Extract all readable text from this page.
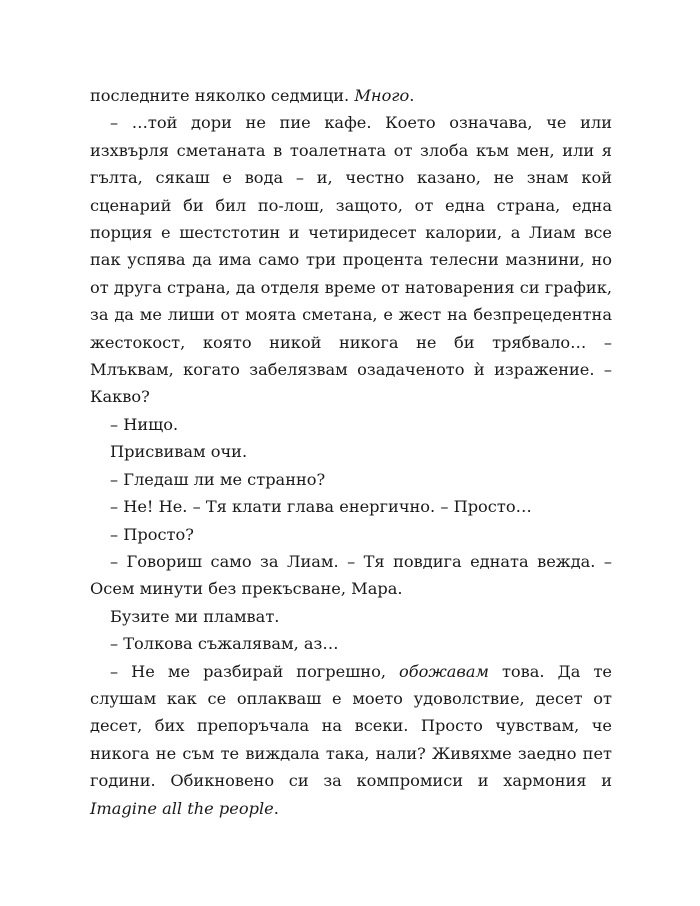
последните няколко седмици. Много.

– …той дори не пие кафе. Което означава, че или изхвърля сметаната в тоалетната от злоба към мен, или я гълта, сякаш е вода – и, честно казано, не знам кой сценарий би бил по-лош, защото, от една страна, една порция е шестстотин и четиридесет калории, а Лиам все пак успява да има само три процента телесни мазнини, но от друга страна, да отделя време от натоварения си график, за да ме лиши от моята сметана, е жест на безпрецедентна жестокост, която никой никога не би трябвало… – Млъквам, когато забелязвам озадаченото ѝ изражение. – Какво?

– Нищо.

Присвивам очи.

– Гледаш ли ме странно?

– Не! Не. – Тя клати глава енергично. – Просто…

– Просто?

– Говориш само за Лиам. – Тя повдига едната вежда. – Осем минути без прекъсване, Мара.

Бузите ми пламват.

– Толкова съжалявам, аз…

– Не ме разбирай погрешно, обожавам това. Да те слушам как се оплакваш е моето удоволствие, десет от десет, бих препоръчала на всеки. Просто чувствам, че никога не съм те виждала така, нали? Живяхме заедно пет години. Обикновено си за компромиси и хармония и Imagine all the people.
